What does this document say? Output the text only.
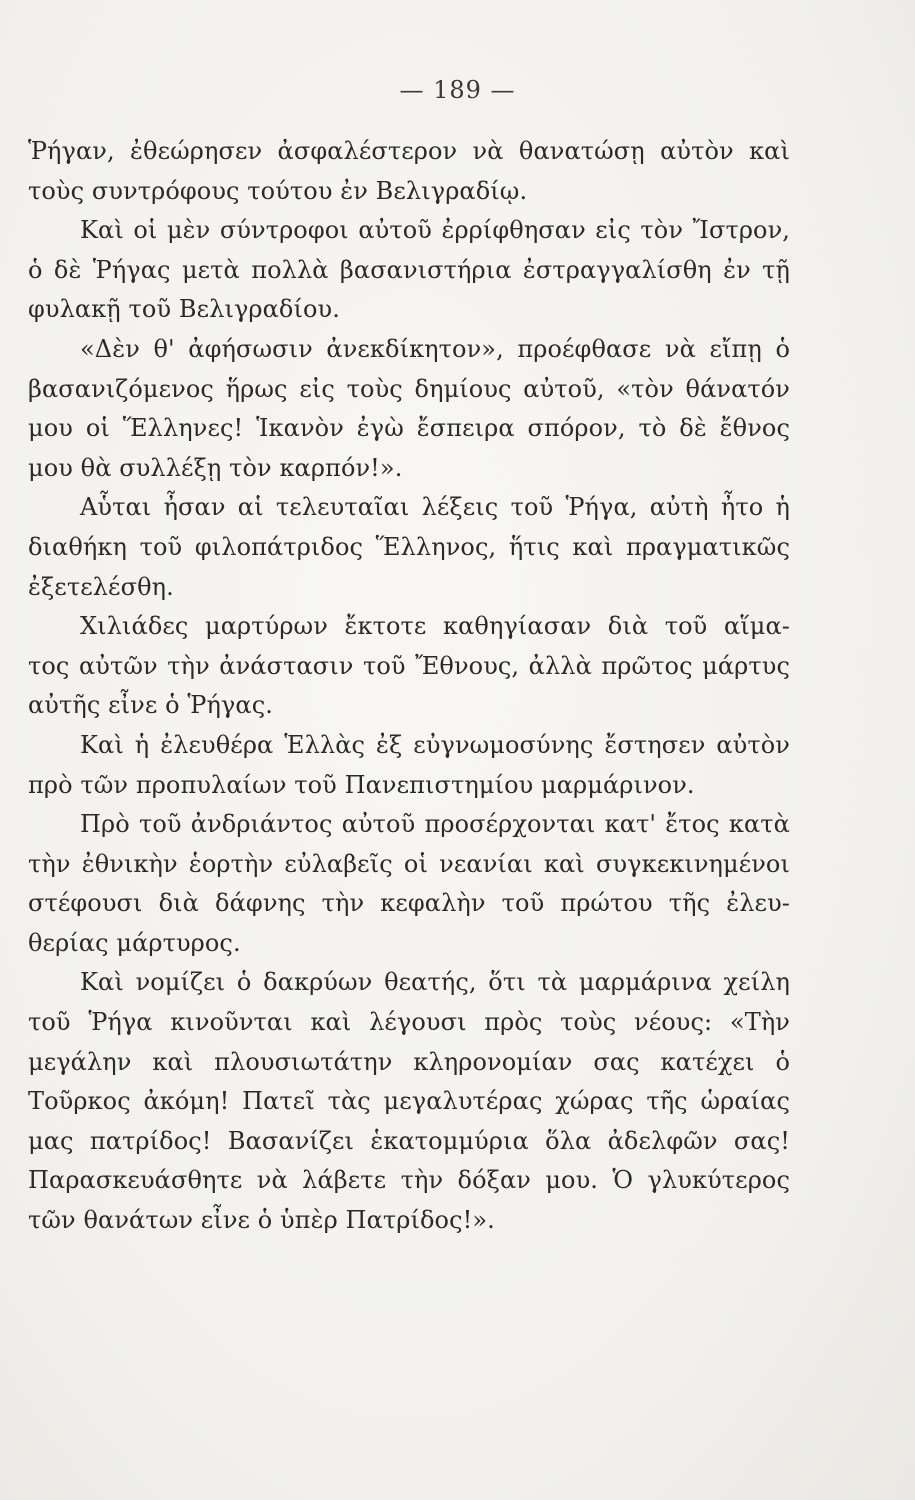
— 189 —
Ῥήγαν, ἐθεώρησεν ἀσφαλέστερον νὰ θανατώσῃ αὐτὸν καὶ
τοὺς συντρόφους τούτου ἐν Βελιγραδίῳ.
Καὶ οἱ μὲν σύντροφοι αὐτοῦ ἐρρίφθησαν εἰς τὸν Ἴστρον,
ὁ δὲ Ῥήγας μετὰ πολλὰ βασανιστήρια ἐστραγγαλίσθη ἐν τῇ
φυλακῇ τοῦ Βελιγραδίου.
«Δὲν θ' ἀφήσωσιν ἀνεκδίκητον», προέφθασε νὰ εἴπῃ ὁ
βασανιζόμενος ἥρως εἰς τοὺς δημίους αὐτοῦ, «τὸν θάνατόν
μου οἱ Ἕλληνες! Ἱκανὸν ἐγὼ ἔσπειρα σπόρον, τὸ δὲ ἔθνος
μου θὰ συλλέξῃ τὸν καρπόν!».
Αὗται ἦσαν αἱ τελευταῖαι λέξεις τοῦ Ῥήγα, αὐτὴ ἦτο ἡ
διαθήκη τοῦ φιλοπάτριδος Ἕλληνος, ἥτις καὶ πραγματικῶς
ἐξετελέσθη.
Χιλιάδες μαρτύρων ἔκτοτε καθηγίασαν διὰ τοῦ αἵμα-
τος αὐτῶν τὴν ἀνάστασιν τοῦ Ἔθνους, ἀλλὰ πρῶτος μάρτυς
αὐτῆς εἶνε ὁ Ῥήγας.
Καὶ ἡ ἐλευθέρα Ἑλλὰς ἐξ εὐγνωμοσύνης ἔστησεν αὐτὸν
πρὸ τῶν προπυλαίων τοῦ Πανεπιστημίου μαρμάρινον.
Πρὸ τοῦ ἀνδριάντος αὐτοῦ προσέρχονται κατ' ἔτος κατὰ
τὴν ἐθνικὴν ἑορτὴν εὐλαβεῖς οἱ νεανίαι καὶ συγκεκινημένοι
στέφουσι διὰ δάφνης τὴν κεφαλὴν τοῦ πρώτου τῆς ἐλευ-
θερίας μάρτυρος.
Καὶ νομίζει ὁ δακρύων θεατής, ὅτι τὰ μαρμάρινα χείλη
τοῦ Ῥήγα κινοῦνται καὶ λέγουσι πρὸς τοὺς νέους: «Τὴν
μεγάλην καὶ πλουσιωτάτην κληρονομίαν σας κατέχει ὁ
Τοῦρκος ἀκόμη! Πατεῖ τὰς μεγαλυτέρας χώρας τῆς ὡραίας
μας πατρίδος! Βασανίζει ἑκατομμύρια ὅλα ἀδελφῶν σας!
Παρασκευάσθητε νὰ λάβετε τὴν δόξαν μου. Ὁ γλυκύτερος
τῶν θανάτων εἶνε ὁ ὑπὲρ Πατρίδος!».
